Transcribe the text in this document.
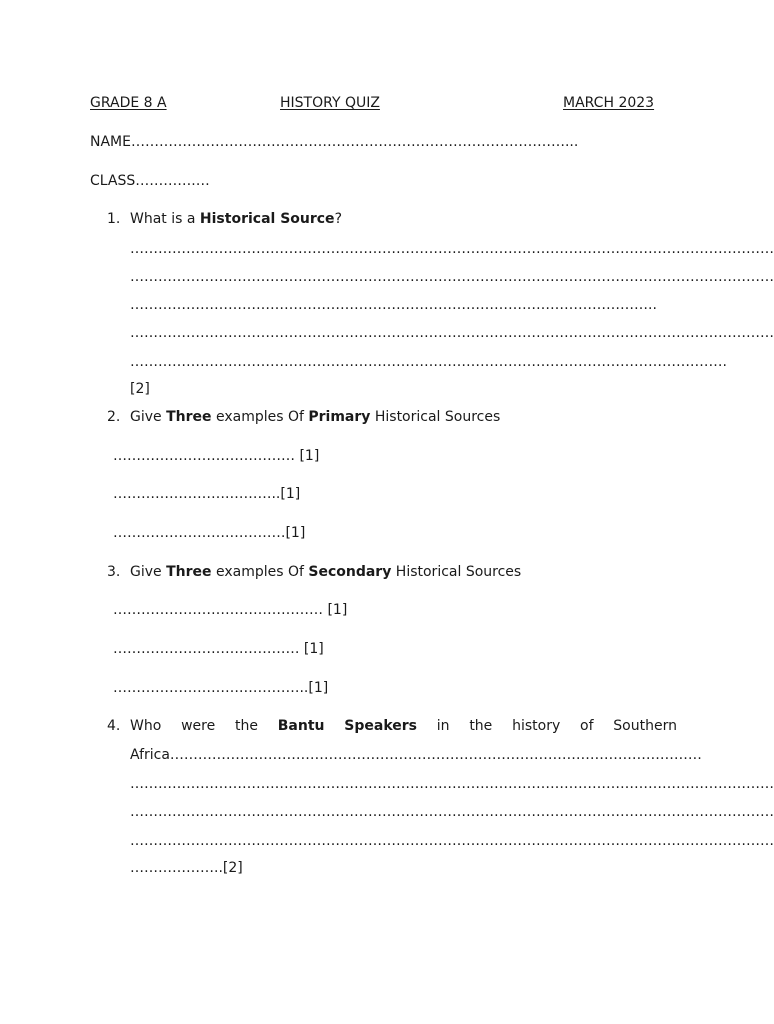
GRADE 8 A	HISTORY QUIZ	MARCH 2023
NAME…………………………………………………………………………………...
CLASS………….…
1. What is a Historical Source?
…………………………………………………………………………………………………………………………
…………………………………………………………………………………………………………………………
…………………………………………………………………………………………………..
…………………………………………………………………………………………………………………………
………………………………………………………………………………………………………….…….
[2]
2. Give Three examples Of Primary Historical Sources
………………………………… [1]
…………………….………..[1]
…………………….…………[1]
3. Give Three examples Of Secondary Historical Sources
……………………………………… [1]
……………………….………… [1]
……………………….…………..[1]
4. Who were the Bantu Speakers in the history of Southern
Africa……………………………………………………………………………………………………
…………………………………………………………………………………………………………………………
…………………………………………………………………………………………………………………………
…………………………………………………………………………………………………………………………
………………..[2]
